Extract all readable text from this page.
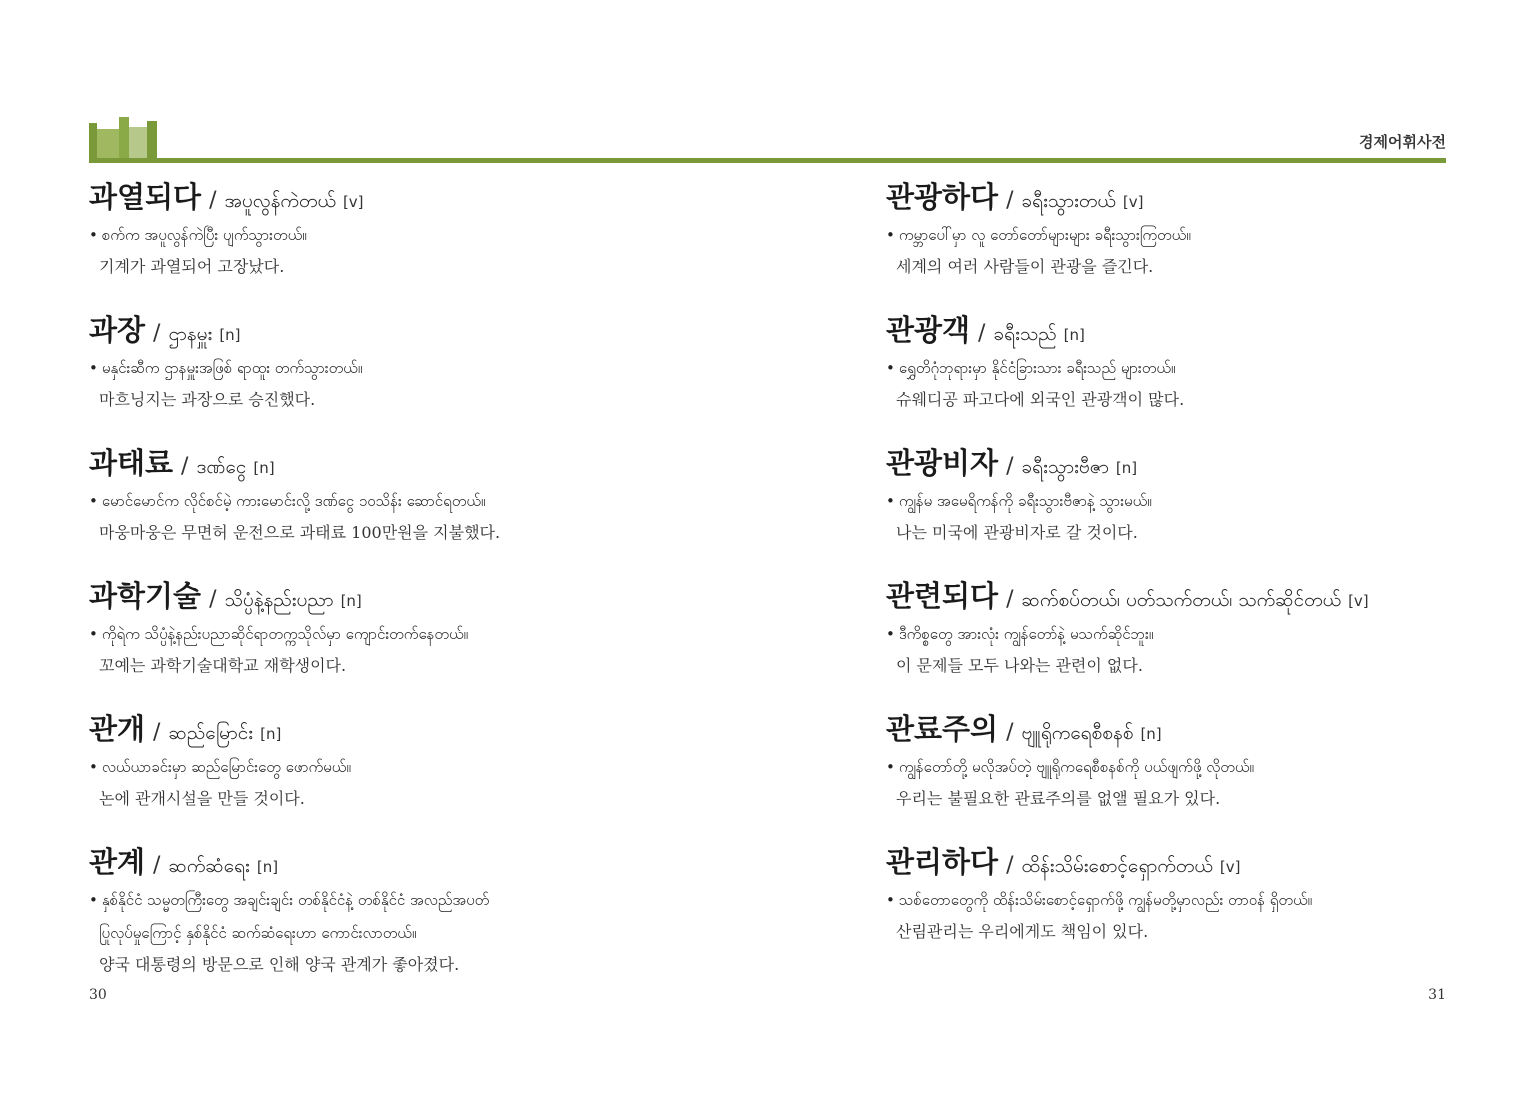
경제어휘사전
과열되다 / အပူလွန်ကဲတယ် [v]
• စက်က အပူလွန်ကဲပြီး ပျက်သွားတယ်။
기계가 과열되어 고장났다.
과장 / ဌာနမှူး [n]
• မနှင်းဆီက ဌာနမှူးအဖြစ် ရာထူး တက်သွားတယ်။
마흐닝지는 과장으로 승진했다.
과태료 / ဒဏ်ငွေ [n]
• မောင်မောင်က လိုင်စင်မဲ့ ကားမောင်းလို့ ဒဏ်ငွေ ၁၀သိန်း ဆောင်ရတယ်။
마웅마웅은 무면허 운전으로 과태료 100만원을 지불했다.
과학기술 / သိပ္ပံနဲ့နည်းပညာ [n]
• ကိုရဲက သိပ္ပံနဲ့နည်းပညာဆိုင်ရာတက္ကသိုလ်မှာ ကျောင်းတက်နေတယ်။
꼬예는 과학기술대학교 재학생이다.
관개 / ဆည်မြောင်း [n]
• လယ်ယာခင်းမှာ ဆည်မြောင်းတွေ ဖောက်မယ်။
논에 관개시설을 만들 것이다.
관계 / ဆက်ဆံရေး [n]
• နှစ်နိုင်ငံ သမ္မတကြီးတွေ အချင်းချင်း တစ်နိုင်ငံနဲ့ တစ်နိုင်ငံ အလည်အပတ်
ပြုလုပ်မှုကြောင့် နှစ်နိုင်ငံ ဆက်ဆံရေးဟာ ကောင်းလာတယ်။
양국 대통령의 방문으로 인해 양국 관계가 좋아졌다.
관광하다 / ခရီးသွားတယ် [v]
• ကမ္ဘာပေါ်မှာ လူ တော်တော်များများ ခရီးသွားကြတယ်။
세계의 여러 사람들이 관광을 즐긴다.
관광객 / ခရီးသည် [n]
• ရွှေတိဂုံဘုရားမှာ နိုင်ငံခြားသား ခရီးသည် များတယ်။
슈웨디공 파고다에 외국인 관광객이 많다.
관광비자 / ခရီးသွားဗီဇာ [n]
• ကျွန်မ အမေရိကန်ကို ခရီးသွားဗီဇာနဲ့ သွားမယ်။
나는 미국에 관광비자로 갈 것이다.
관련되다 / ဆက်စပ်တယ်၊ ပတ်သက်တယ်၊ သက်ဆိုင်တယ် [v]
• ဒီကိစ္စတွေ အားလုံး ကျွန်တော်နဲ့ မသက်ဆိုင်ဘူး။
이 문제들 모두 나와는 관련이 없다.
관료주의 / ဗျူရိုကရေစီစနစ် [n]
• ကျွန်တော်တို့ မလိုအပ်တဲ့ ဗျူရိုကရေစီစနစ်ကို ပယ်ဖျက်ဖို့ လိုတယ်။
우리는 불필요한 관료주의를 없앨 필요가 있다.
관리하다 / ထိန်းသိမ်းစောင့်ရှောက်တယ် [v]
• သစ်တောတွေကို ထိန်းသိမ်းစောင့်ရှောက်ဖို့ ကျွန်မတို့မှာလည်း တာဝန် ရှိတယ်။
산림관리는 우리에게도 책임이 있다.
30	31
